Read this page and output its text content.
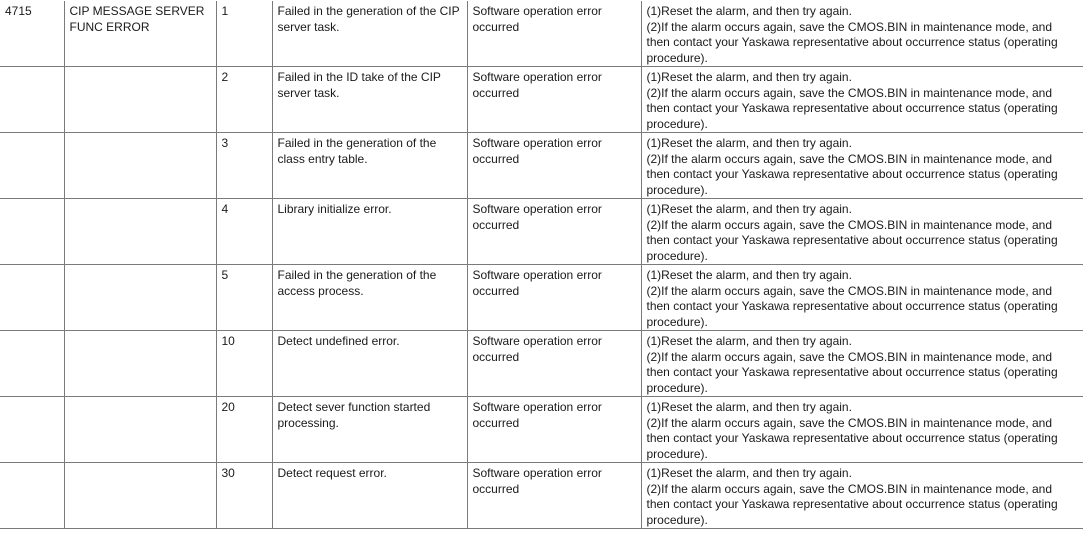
4715	CIP MESSAGE SERVER FUNC ERROR	1	Failed in the generation of the CIP server task.	Software operation error occurred	(1)Reset the alarm, and then try again.
(2)If the alarm occurs again, save the CMOS.BIN in maintenance mode, and then contact your Yaskawa representative about occurrence status (operating procedure).

		2	Failed in the ID take of the CIP server task.	Software operation error occurred	(1)Reset the alarm, and then try again.
(2)If the alarm occurs again, save the CMOS.BIN in maintenance mode, and then contact your Yaskawa representative about occurrence status (operating procedure).

		3	Failed in the generation of the class entry table.	Software operation error occurred	(1)Reset the alarm, and then try again.
(2)If the alarm occurs again, save the CMOS.BIN in maintenance mode, and then contact your Yaskawa representative about occurrence status (operating procedure).

		4	Library initialize error.	Software operation error occurred	(1)Reset the alarm, and then try again.
(2)If the alarm occurs again, save the CMOS.BIN in maintenance mode, and then contact your Yaskawa representative about occurrence status (operating procedure).

		5	Failed in the generation of the access process.	Software operation error occurred	(1)Reset the alarm, and then try again.
(2)If the alarm occurs again, save the CMOS.BIN in maintenance mode, and then contact your Yaskawa representative about occurrence status (operating procedure).

		10	Detect undefined error.	Software operation error occurred	(1)Reset the alarm, and then try again.
(2)If the alarm occurs again, save the CMOS.BIN in maintenance mode, and then contact your Yaskawa representative about occurrence status (operating procedure).

		20	Detect sever function started processing.	Software operation error occurred	(1)Reset the alarm, and then try again.
(2)If the alarm occurs again, save the CMOS.BIN in maintenance mode, and then contact your Yaskawa representative about occurrence status (operating procedure).

		30	Detect request error.	Software operation error occurred	(1)Reset the alarm, and then try again.
(2)If the alarm occurs again, save the CMOS.BIN in maintenance mode, and then contact your Yaskawa representative about occurrence status (operating procedure).
